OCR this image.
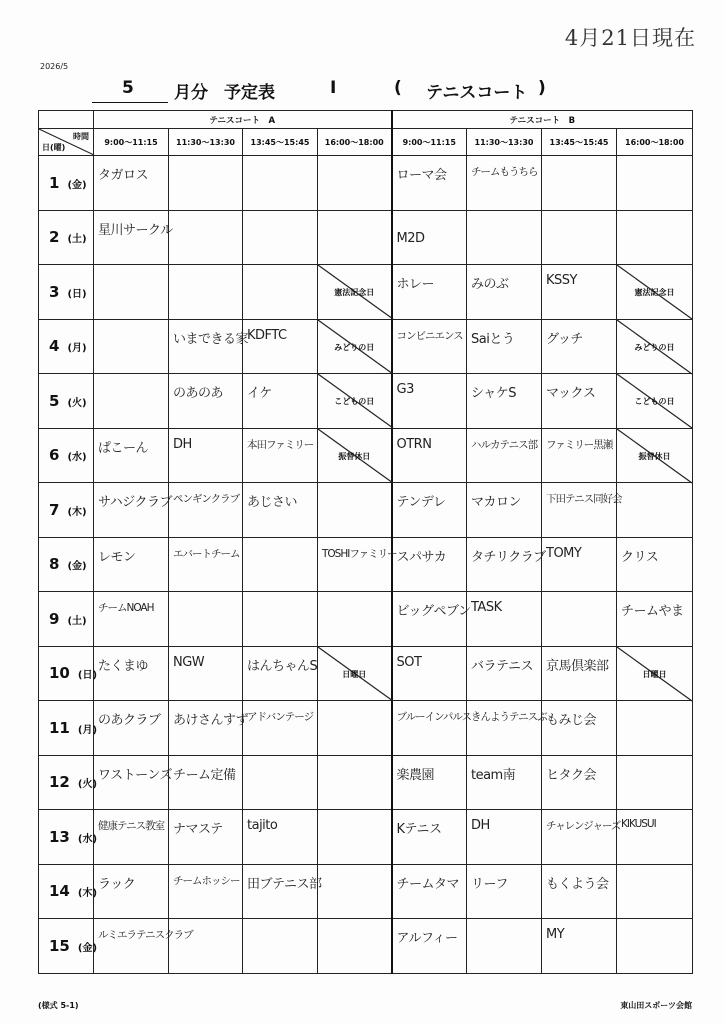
4月21日現在
2026/5
5 月分 予定表	I	( テニスコート )
	テニスコート　A				テニスコート　B			

時間
日(曜)	9:00～11:15	11:30～13:30	13:45～15:45	16:00～18:00	9:00～11:15	11:30～13:30	13:45～15:45	16:00～18:00
1 (金)	タガロス				ローマ会	チームもうちら		

2 (土)	星川サークル				M2D			

3 (日)				憲法記念日	ホレー	みのぶ	KSSY	憲法記念日

4 (月)		いまできる家	KDFTC	みどりの日	コンビニエンス	Saiとう	グッチ	みどりの日

5 (火)		のあのあ	イケ	こどもの日	G3	シャケS	マックス	こどもの日

6 (水)	ぱこーん	DH	本田ファミリー	振替休日	OTRN	ハルカテニス部	ファミリー黒瀬	振替休日

7 (木)	サハジクラブ	ペンギンクラブ	あじさい		テンデレ	マカロン	下田テニス同好会	

8 (金)	レモン	エバートチーム		TOSHIファミリー	スパサカ	タチリクラブ	TOMY	クリス

9 (土)	チームNOAH				ビッグペブン	TASK		チームやま

10 (日)	たくまゆ	NGW	はんちゃんS	日曜日	SOT	バラテニス	京馬倶楽部	日曜日

11 (月)	のあクラブ	あけさんすず	アドバンテージ		ブルーインパルス	きんようテニスぶ	もみじ会	

12 (火)	ワストーンズ	チーム定備			楽農園	team南	ヒタク会	

13 (水)	健康テニス教室	ナマステ	tajito		Kテニス	DH	チャレンジャーズ	KIKUSUI

14 (木)	ラック	チームホッシー	田ブテニス部		チームタマ	リーフ	もくよう会	

15 (金)	ルミエラテニスクラブ				アルフィー		MY	

(様式 5-1)	東山田スポーツ会館
